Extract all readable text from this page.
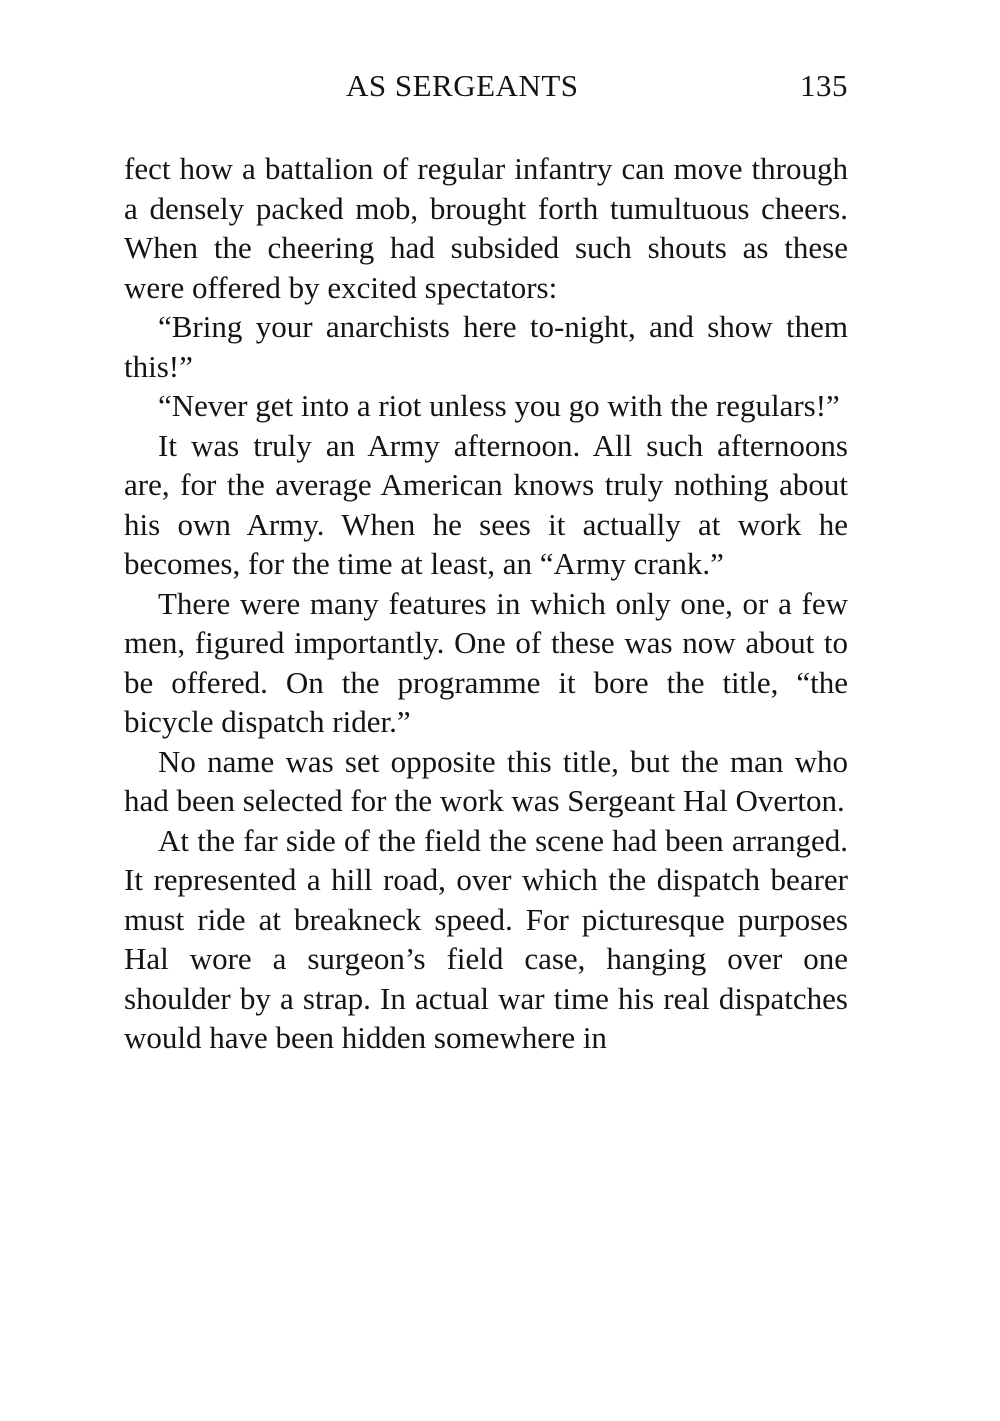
AS SERGEANTS	135

fect how a battalion of regular infantry can move through a densely packed mob, brought forth tumultuous cheers. When the cheering had subsided such shouts as these were offered by excited spectators:

“Bring your anarchists here to-night, and show them this!”

“Never get into a riot unless you go with the regulars!”

It was truly an Army afternoon. All such afternoons are, for the average American knows truly nothing about his own Army. When he sees it actually at work he becomes, for the time at least, an “Army crank.”

There were many features in which only one, or a few men, figured importantly. One of these was now about to be offered. On the programme it bore the title, “the bicycle dispatch rider.”

No name was set opposite this title, but the man who had been selected for the work was Sergeant Hal Overton.

At the far side of the field the scene had been arranged. It represented a hill road, over which the dispatch bearer must ride at breakneck speed. For picturesque purposes Hal wore a surgeon’s field case, hanging over one shoulder by a strap. In actual war time his real dispatches would have been hidden somewhere in
